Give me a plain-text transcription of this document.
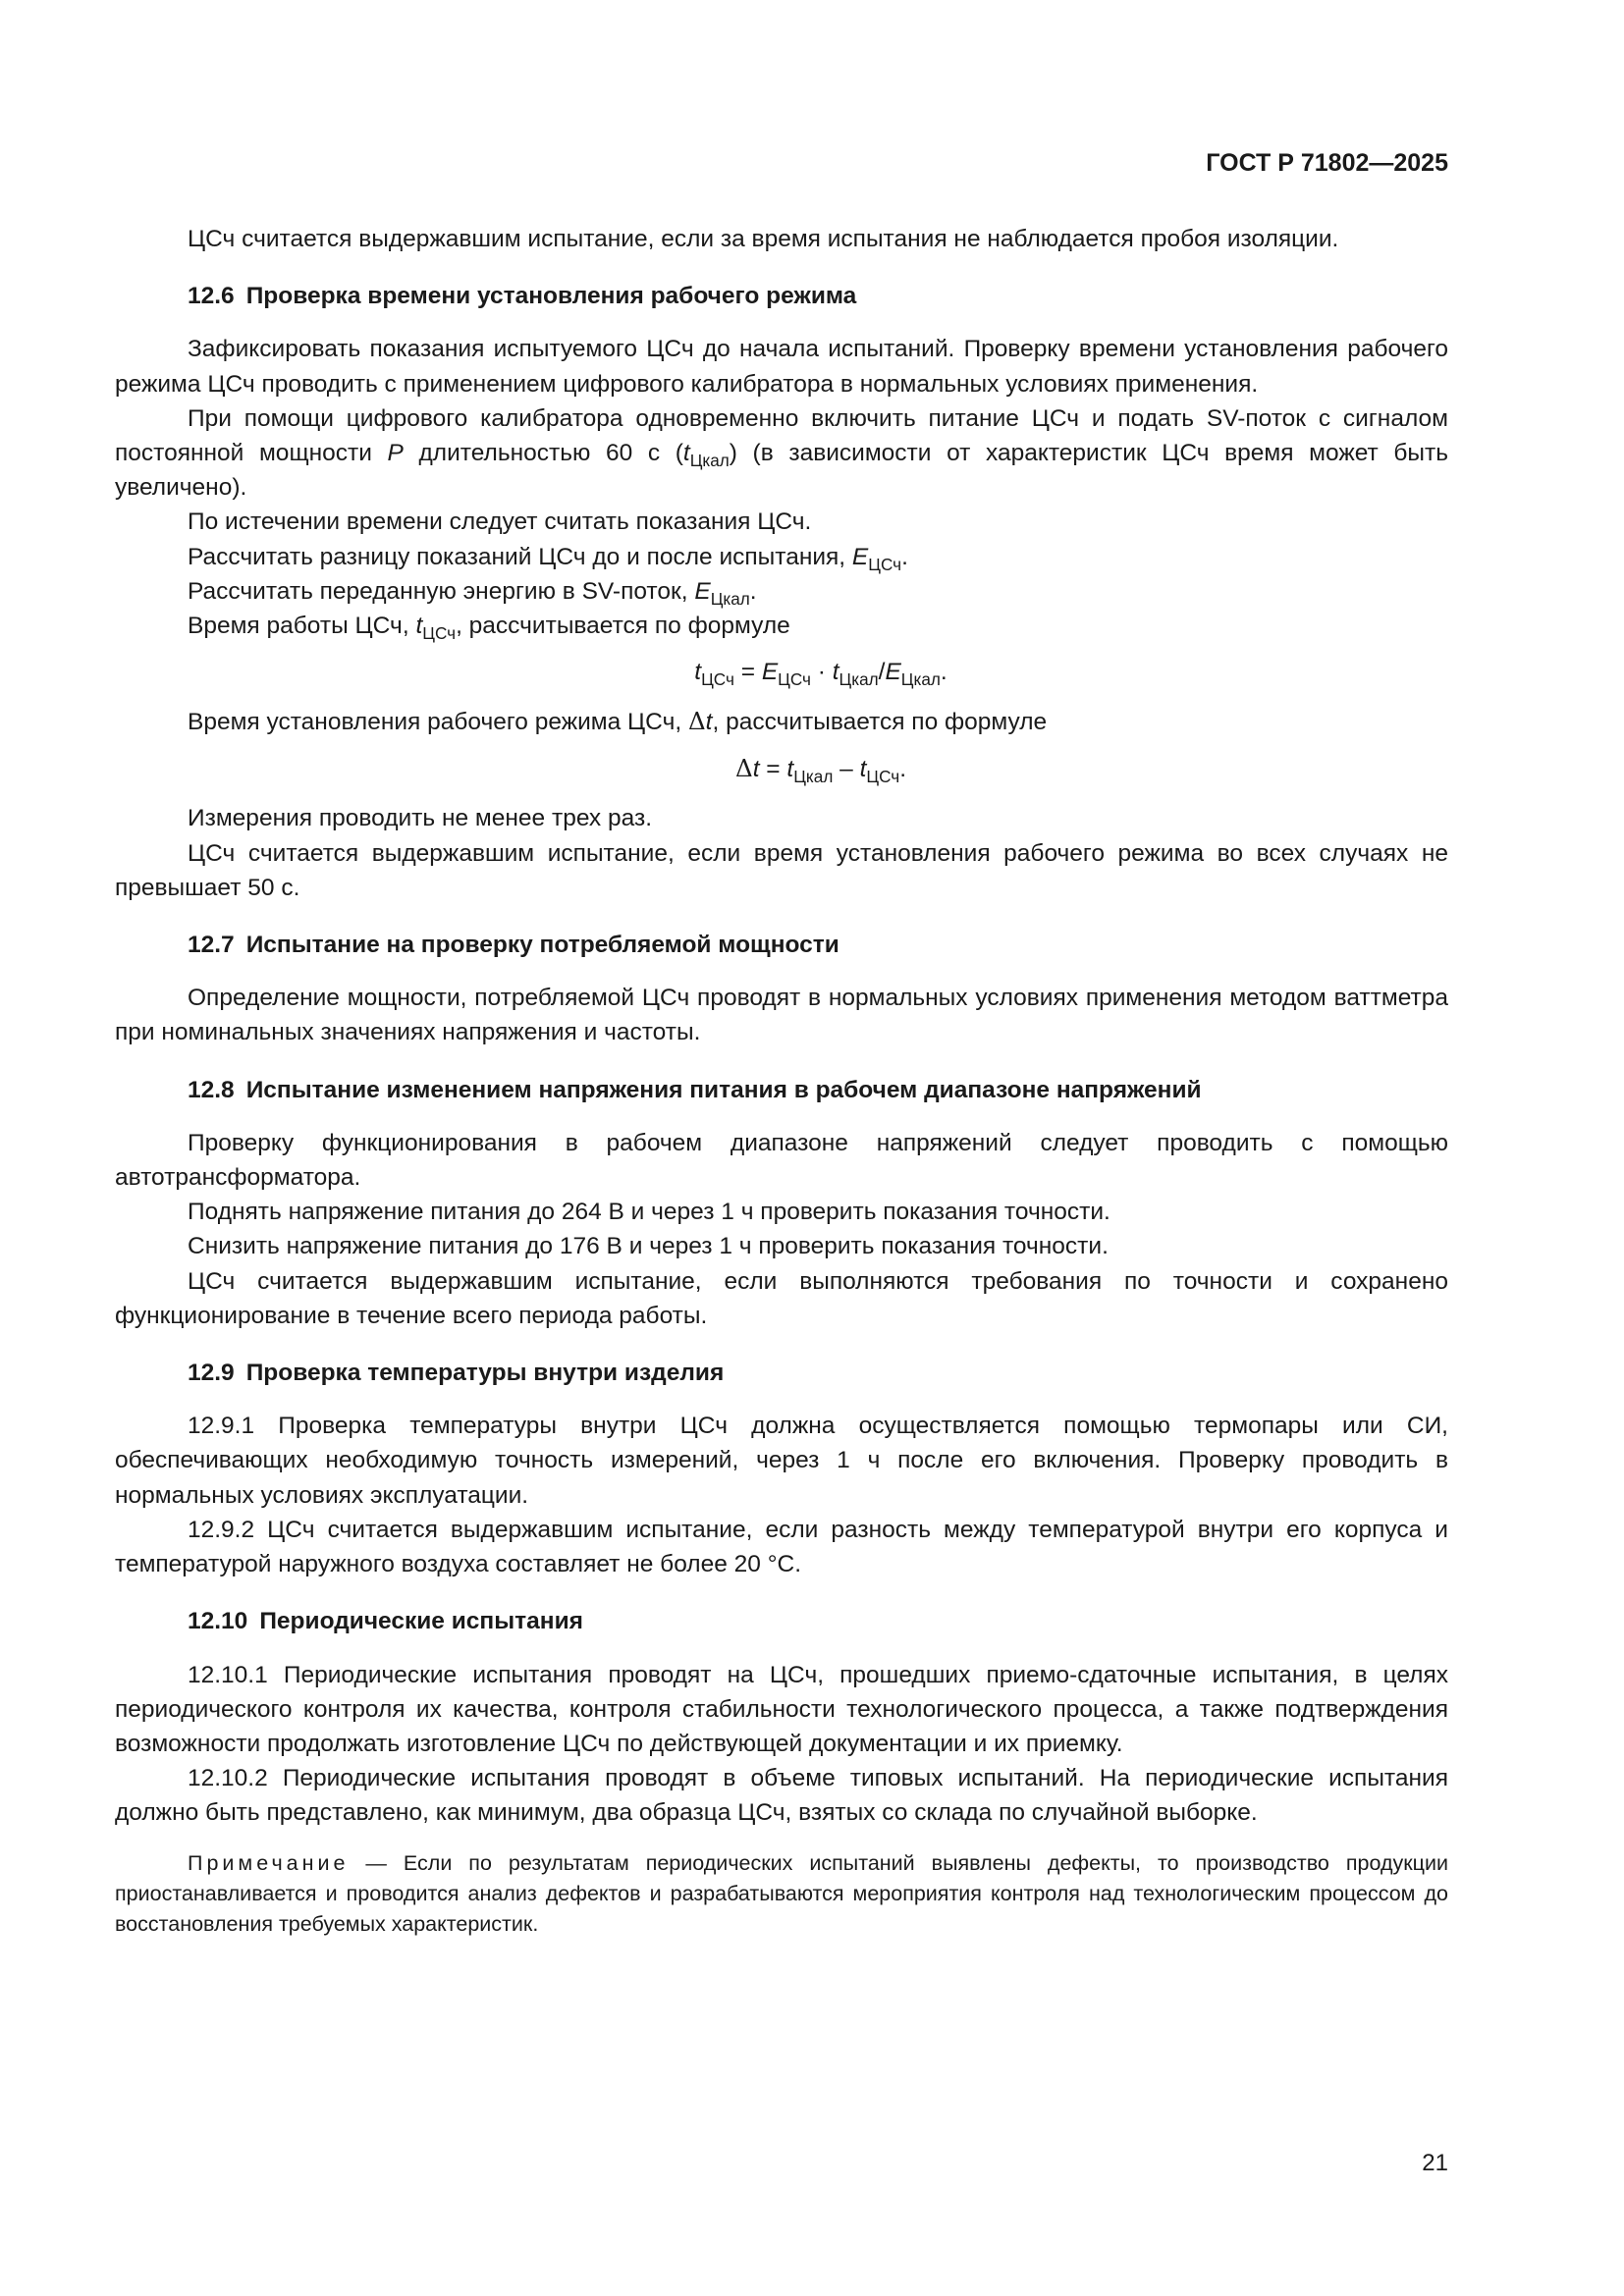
ГОСТ Р 71802—2025

ЦСч считается выдержавшим испытание, если за время испытания не наблюдается пробоя изоляции.

12.6 Проверка времени установления рабочего режима

Зафиксировать показания испытуемого ЦСч до начала испытаний. Проверку времени установления рабочего режима ЦСч проводить с применением цифрового калибратора в нормальных условиях применения.

При помощи цифрового калибратора одновременно включить питание ЦСч и подать SV-поток с сигналом постоянной мощности P длительностью 60 с $(t_{Цкал})$ (в зависимости от характеристик ЦСч время может быть увеличено).

По истечении времени следует считать показания ЦСч.

Рассчитать разницу показаний ЦСч до и после испытания, $E_{ЦСч}$.

Рассчитать переданную энергию в SV-поток, $E_{Цкал}$.

Время работы ЦСч, $t_{ЦСч}$, рассчитывается по формуле

$t_{ЦСч} = E_{ЦСч} \cdot t_{Цкал}/E_{Цкал}$.

Время установления рабочего режима ЦСч, Δt, рассчитывается по формуле

$\Delta t = t_{Цкал} - t_{ЦСч}$.

Измерения проводить не менее трех раз.

ЦСч считается выдержавшим испытание, если время установления рабочего режима во всех случаях не превышает 50 с.

12.7 Испытание на проверку потребляемой мощности

Определение мощности, потребляемой ЦСч проводят в нормальных условиях применения методом ваттметра при номинальных значениях напряжения и частоты.

12.8 Испытание изменением напряжения питания в рабочем диапазоне напряжений

Проверку функционирования в рабочем диапазоне напряжений следует проводить с помощью автотрансформатора.

Поднять напряжение питания до 264 В и через 1 ч проверить показания точности.

Снизить напряжение питания до 176 В и через 1 ч проверить показания точности.

ЦСч считается выдержавшим испытание, если выполняются требования по точности и сохранено функционирование в течение всего периода работы.

12.9 Проверка температуры внутри изделия

12.9.1 Проверка температуры внутри ЦСч должна осуществляется помощью термопары или СИ, обеспечивающих необходимую точность измерений, через 1 ч после его включения. Проверку проводить в нормальных условиях эксплуатации.

12.9.2 ЦСч считается выдержавшим испытание, если разность между температурой внутри его корпуса и температурой наружного воздуха составляет не более 20 °С.

12.10 Периодические испытания

12.10.1 Периодические испытания проводят на ЦСч, прошедших приемо-сдаточные испытания, в целях периодического контроля их качества, контроля стабильности технологического процесса, а также подтверждения возможности продолжать изготовление ЦСч по действующей документации и их приемку.

12.10.2 Периодические испытания проводят в объеме типовых испытаний. На периодические испытания должно быть представлено, как минимум, два образца ЦСч, взятых со склада по случайной выборке.

Примечание — Если по результатам периодических испытаний выявлены дефекты, то производство продукции приостанавливается и проводится анализ дефектов и разрабатываются мероприятия контроля над технологическим процессом до восстановления требуемых характеристик.
21
